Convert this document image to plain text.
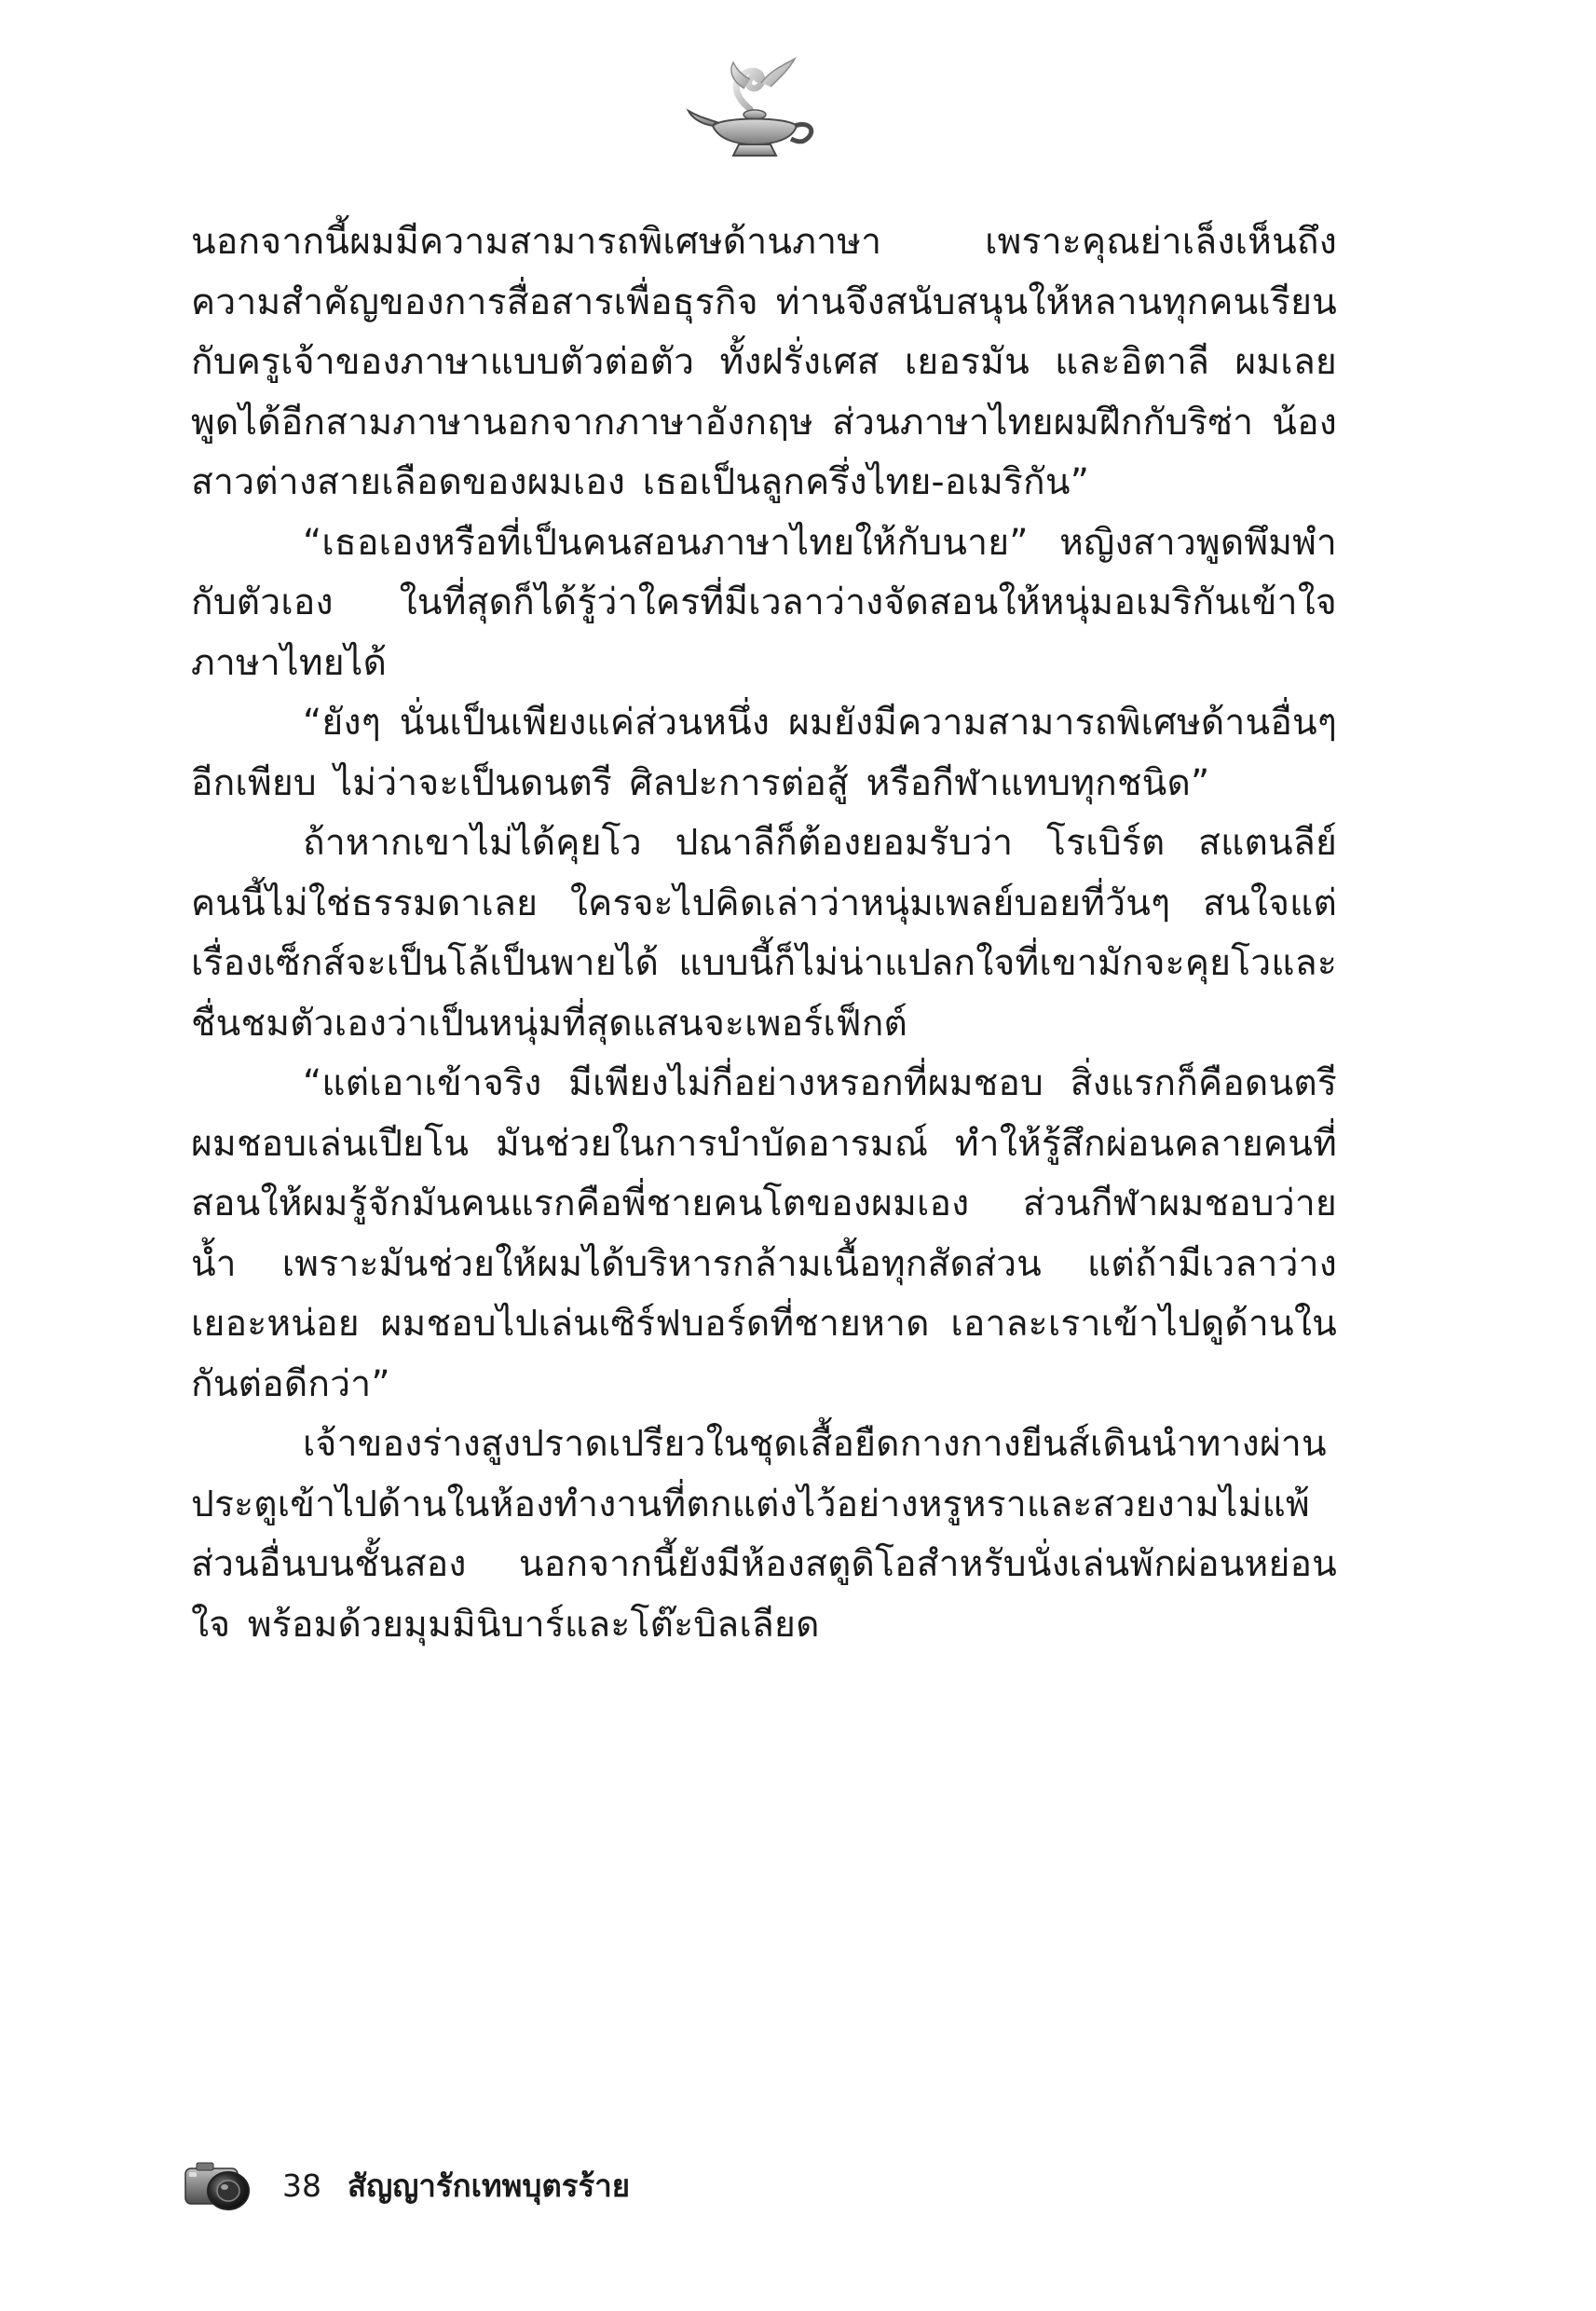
นอกจากนี้ผมมีความสามารถพิเศษด้านภาษา เพราะคุณย่าเล็งเห็นถึงความสำคัญของการสื่อสารเพื่อธุรกิจ ท่านจึงสนับสนุนให้หลานทุกคนเรียนกับครูเจ้าของภาษาแบบตัวต่อตัว ทั้งฝรั่งเศส เยอรมัน และอิตาลี ผมเลยพูดได้อีกสามภาษานอกจากภาษาอังกฤษ ส่วนภาษาไทยผมฝึกกับริซ่า น้องสาวต่างสายเลือดของผมเอง เธอเป็นลูกครึ่งไทย-อเมริกัน”

“เธอเองหรือที่เป็นคนสอนภาษาไทยให้กับนาย” หญิงสาวพูดพึมพำกับตัวเอง ในที่สุดก็ได้รู้ว่าใครที่มีเวลาว่างจัดสอนให้หนุ่มอเมริกันเข้าใจภาษาไทยได้

“ยังๆ นั่นเป็นเพียงแค่ส่วนหนึ่ง ผมยังมีความสามารถพิเศษด้านอื่นๆ อีกเพียบ ไม่ว่าจะเป็นดนตรี ศิลปะการต่อสู้ หรือกีฬาแทบทุกชนิด”

ถ้าหากเขาไม่ได้คุยโว ปณาลีก็ต้องยอมรับว่า โรเบิร์ต สแตนลีย์คนนี้ไม่ใช่ธรรมดาเลย ใครจะไปคิดเล่าว่าหนุ่มเพลย์บอยที่วันๆ สนใจแต่เรื่องเซ็กส์จะเป็นโล้เป็นพายได้ แบบนี้ก็ไม่น่าแปลกใจที่เขามักจะคุยโวและชื่นชมตัวเองว่าเป็นหนุ่มที่สุดแสนจะเพอร์เฟ็กต์

“แต่เอาเข้าจริง มีเพียงไม่กี่อย่างหรอกที่ผมชอบ สิ่งแรกก็คือดนตรีผมชอบเล่นเปียโน มันช่วยในการบำบัดอารมณ์ ทำให้รู้สึกผ่อนคลายคนที่สอนให้ผมรู้จักมันคนแรกคือพี่ชายคนโตของผมเอง ส่วนกีฬาผมชอบว่ายน้ำ เพราะมันช่วยให้ผมได้บริหารกล้ามเนื้อทุกสัดส่วน แต่ถ้ามีเวลาว่างเยอะหน่อย ผมชอบไปเล่นเซิร์ฟบอร์ดที่ชายหาด เอาละเราเข้าไปดูด้านในกันต่อดีกว่า”

เจ้าของร่างสูงปราดเปรียวในชุดเสื้อยืดกางกางยีนส์เดินนำทางผ่านประตูเข้าไปด้านในห้องทำงานที่ตกแต่งไว้อย่างหรูหราและสวยงามไม่แพ้ส่วนอื่นบนชั้นสอง นอกจากนี้ยังมีห้องสตูดิโอสำหรับนั่งเล่นพักผ่อนหย่อนใจ พร้อมด้วยมุมมินิบาร์และโต๊ะบิลเลียด

38 สัญญารักเทพบุตรร้าย
